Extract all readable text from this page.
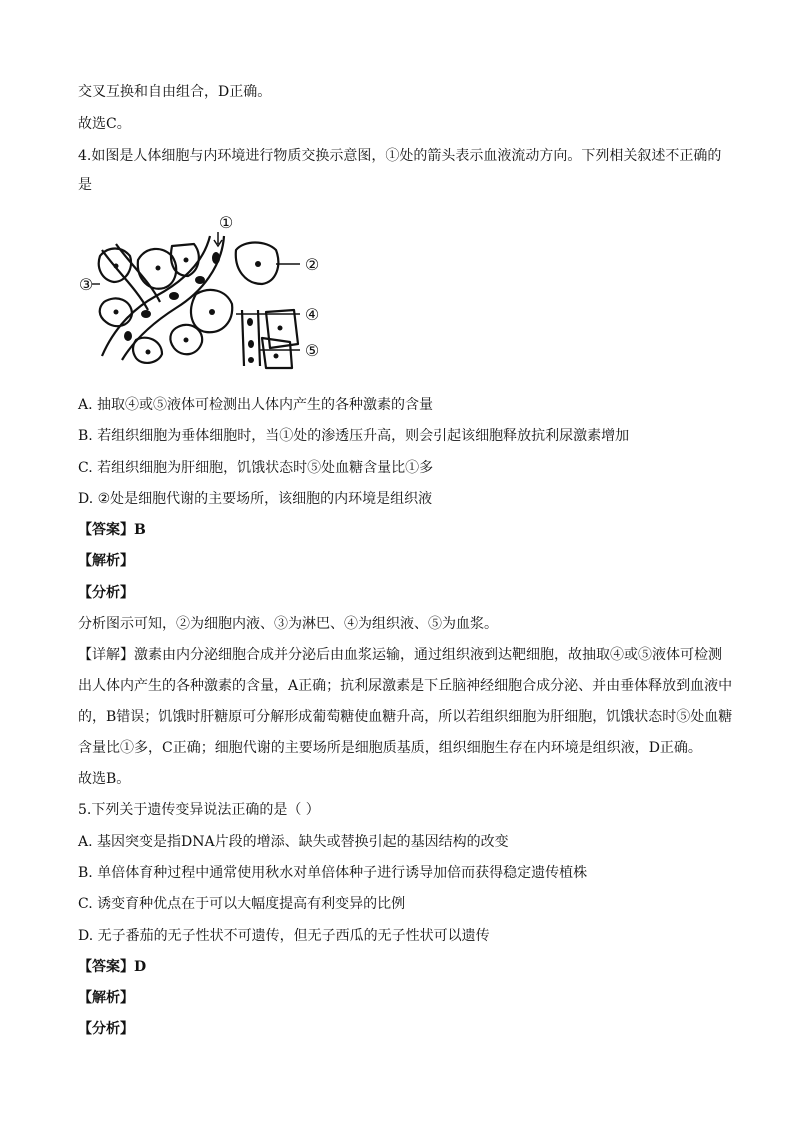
交叉互换和自由组合，D正确。
故选C。
4.如图是人体细胞与内环境进行物质交换示意图，①处的箭头表示血液流动方向。下列相关叙述不正确的
是
①
②
③
④
⑤
A. 抽取④或⑤液体可检测出人体内产生的各种激素的含量
B. 若组织细胞为垂体细胞时，当①处的渗透压升高，则会引起该细胞释放抗利尿激素增加
C. 若组织细胞为肝细胞，饥饿状态时⑤处血糖含量比①多
D. ②处是细胞代谢的主要场所，该细胞的内环境是组织液
【答案】B
【解析】
【分析】
分析图示可知，②为细胞内液、③为淋巴、④为组织液、⑤为血浆。
【详解】激素由内分泌细胞合成并分泌后由血浆运输，通过组织液到达靶细胞，故抽取④或⑤液体可检测
出人体内产生的各种激素的含量，A正确；抗利尿激素是下丘脑神经细胞合成分泌、并由垂体释放到血液中
的，B错误；饥饿时肝糖原可分解形成葡萄糖使血糖升高，所以若组织细胞为肝细胞，饥饿状态时⑤处血糖
含量比①多，C正确；细胞代谢的主要场所是细胞质基质，组织细胞生存在内环境是组织液，D正确。
故选B。
5.下列关于遗传变异说法正确的是（ ）
A. 基因突变是指DNA片段的增添、缺失或替换引起的基因结构的改变
B. 单倍体育种过程中通常使用秋水对单倍体种子进行诱导加倍而获得稳定遗传植株
C. 诱变育种优点在于可以大幅度提高有利变异的比例
D. 无子番茄的无子性状不可遗传，但无子西瓜的无子性状可以遗传
【答案】D
【解析】
【分析】
